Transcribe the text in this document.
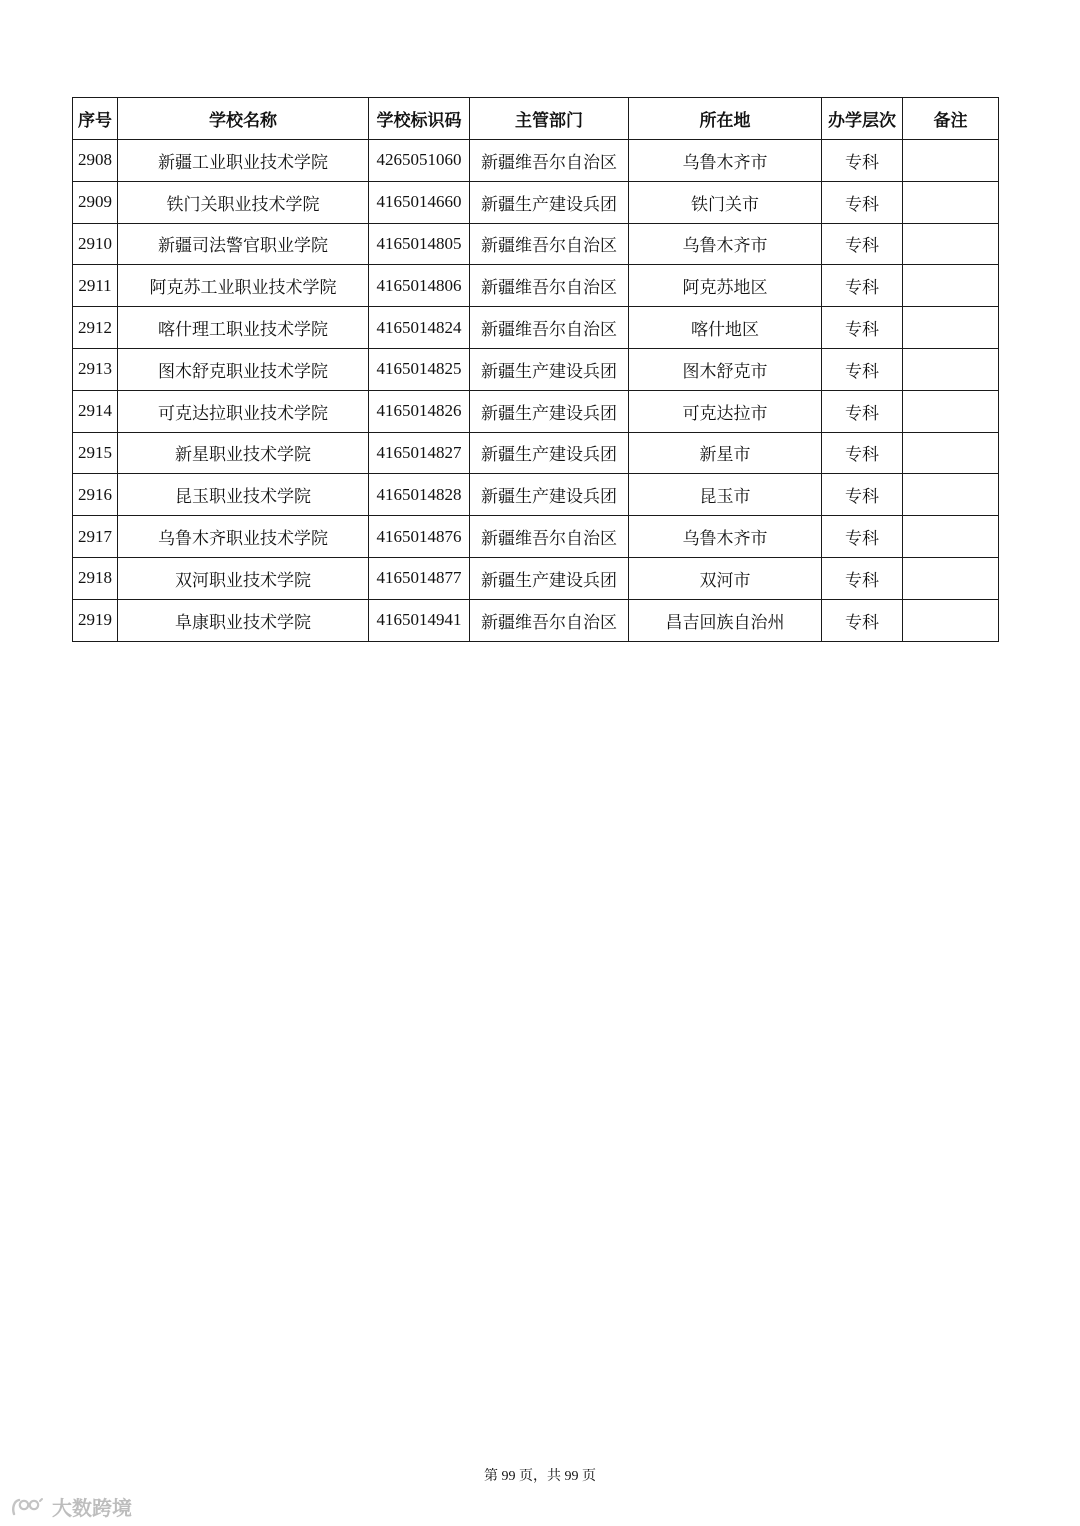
序号	学校名称	学校标识码	主管部门	所在地	办学层次	备注
2908	新疆工业职业技术学院	4265051060	新疆维吾尔自治区	乌鲁木齐市	专科	
2909	铁门关职业技术学院	4165014660	新疆生产建设兵团	铁门关市	专科	
2910	新疆司法警官职业学院	4165014805	新疆维吾尔自治区	乌鲁木齐市	专科	
2911	阿克苏工业职业技术学院	4165014806	新疆维吾尔自治区	阿克苏地区	专科	
2912	喀什理工职业技术学院	4165014824	新疆维吾尔自治区	喀什地区	专科	
2913	图木舒克职业技术学院	4165014825	新疆生产建设兵团	图木舒克市	专科	
2914	可克达拉职业技术学院	4165014826	新疆生产建设兵团	可克达拉市	专科	
2915	新星职业技术学院	4165014827	新疆生产建设兵团	新星市	专科	
2916	昆玉职业技术学院	4165014828	新疆生产建设兵团	昆玉市	专科	
2917	乌鲁木齐职业技术学院	4165014876	新疆维吾尔自治区	乌鲁木齐市	专科	
2918	双河职业技术学院	4165014877	新疆生产建设兵团	双河市	专科	
2919	阜康职业技术学院	4165014941	新疆维吾尔自治区	昌吉回族自治州	专科	
第 99 页，共 99 页
大数跨境
